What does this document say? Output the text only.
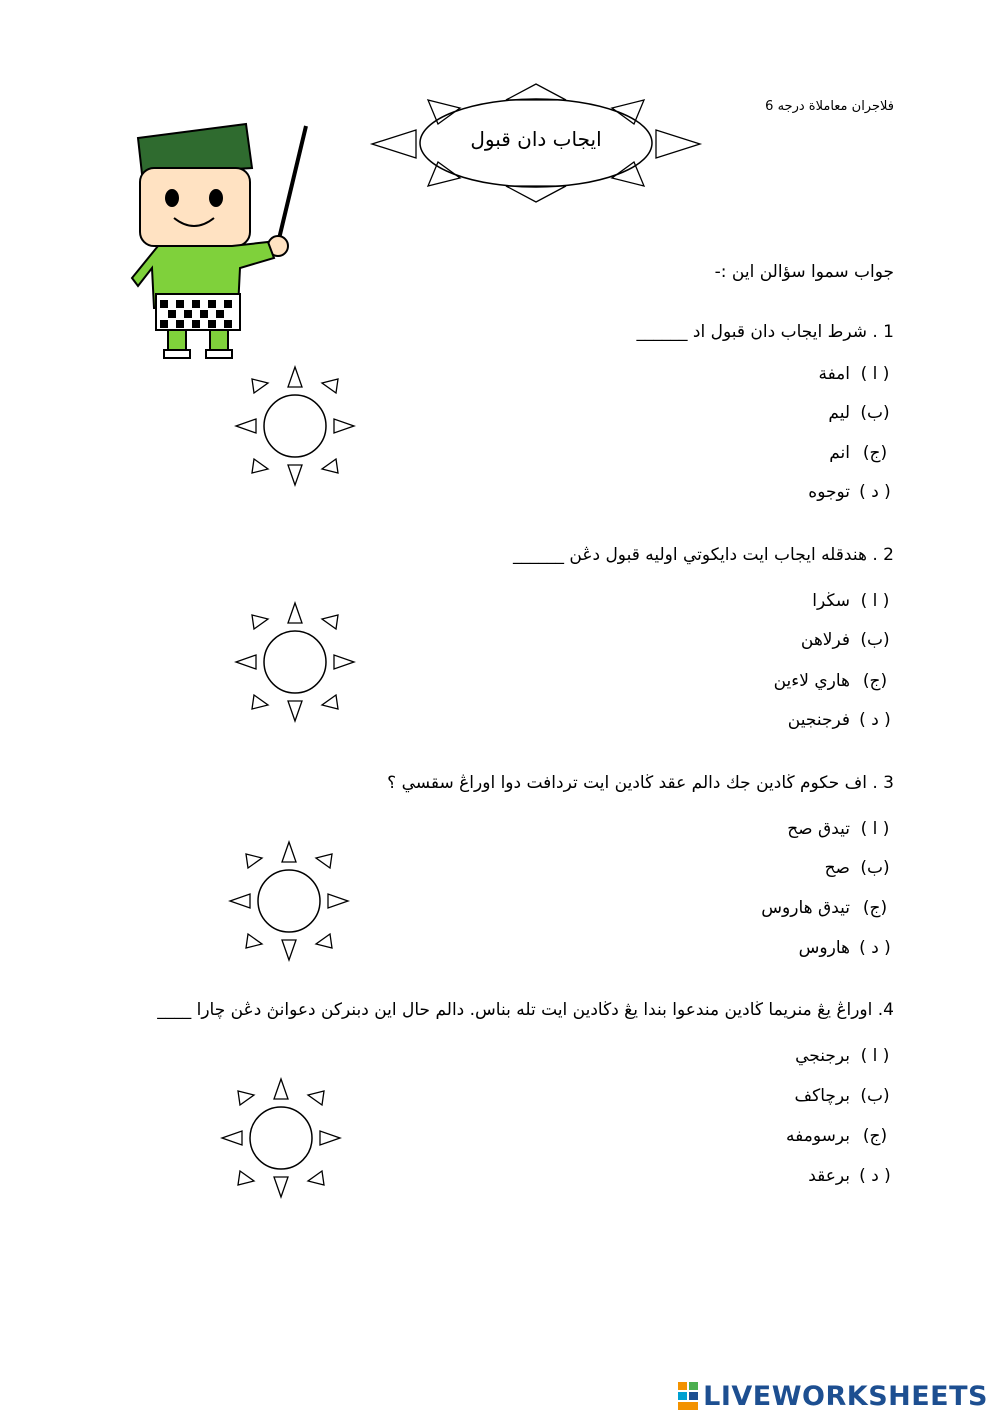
فلاجران معاملاة درجه 6
ايجاب دان قبول
جواب سموا سؤالن اين :-
1 . شرط ايجاب دان قبول اد ______
( ا )امفة
(ب)ليم
(ج)انم
( د )توجوه
2 . هندقله ايجاب ايت دايكوتي اوليه قبول دڠن ______
( ا )سڬرا
(ب)فرلاهن
(ج)هاري لاءين
( د )فرجنجين
3 . اف حکوم ڬادين جك دالم عقد ڬادين ايت تردافت دوا اوراڠ سقسي ؟
( ا )تيدق صح
(ب)صح
(ج)تيدق هاروس
( د )هاروس
4. اوراڠ يڠ منريما ڬادين مندعوا بندا يڠ دڬادين ايت تله بناس. دالم حال اين دبنرکن دعوانڽ دڠن چارا ____
( ا )برجنجي
(ب)برچاکف
(ج)برسومفه
( د )برعقد
LIVEWORKSHEETS
